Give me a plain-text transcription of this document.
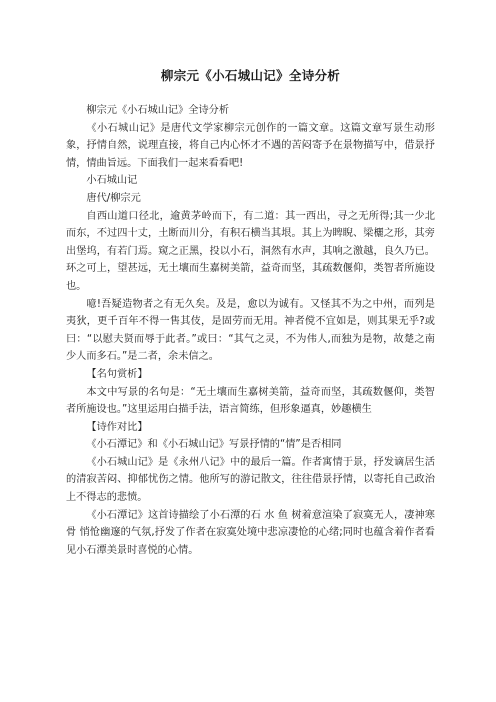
柳宗元《小石城山记》全诗分析

柳宗元《小石城山记》全诗分析

《小石城山记》是唐代文学家柳宗元创作的一篇文章。这篇文章写景生动形象，抒情自然，说理直接，将自己内心怀才不遇的苦闷寄予在景物描写中，借景抒情，情曲旨远。下面我们一起来看看吧!

小石城山记

唐代/柳宗元

自西山道口径北，逾黄茅岭而下，有二道：其一西出，寻之无所得;其一少北而东，不过四十丈，土断而川分，有积石横当其垠。其上为睥睨、梁欐之形，其旁出堡坞，有若门焉。窥之正黑，投以小石，洞然有水声，其响之激越，良久乃已。环之可上，望甚远，无土壤而生嘉树美箭，益奇而坚，其疏数偃仰，类智者所施设也。

噫!吾疑造物者之有无久矣。及是，愈以为诚有。又怪其不为之中州，而列是夷狄，更千百年不得一售其伎，是固劳而无用。神者傥不宜如是，则其果无乎?或曰：“以慰夫贤而辱于此者。”或曰：“其气之灵，不为伟人,而独为是物，故楚之南少人而多石。”是二者，余未信之。

【名句赏析】

本文中写景的名句是：“无土壤而生嘉树美箭，益奇而坚，其疏数偃仰，类智者所施设也。”这里运用白描手法，语言简练，但形象逼真，妙趣横生

【诗作对比】

《小石潭记》和《小石城山记》写景抒情的“情”是否相同

《小石城山记》是《永州八记》中的最后一篇。作者寓情于景，抒发谪居生活的清寂苦闷、抑郁忧伤之情。他所写的游记散文，往往借景抒情，以寄托自己政治上不得志的悲愤。

《小石潭记》这首诗描绘了小石潭的石 水 鱼 树着意渲染了寂寞无人，凄神寒骨 悄怆幽邃的气氛,抒发了作者在寂寞处境中悲凉凄怆的心绪;同时也蕴含着作者看见小石潭美景时喜悦的心情。
